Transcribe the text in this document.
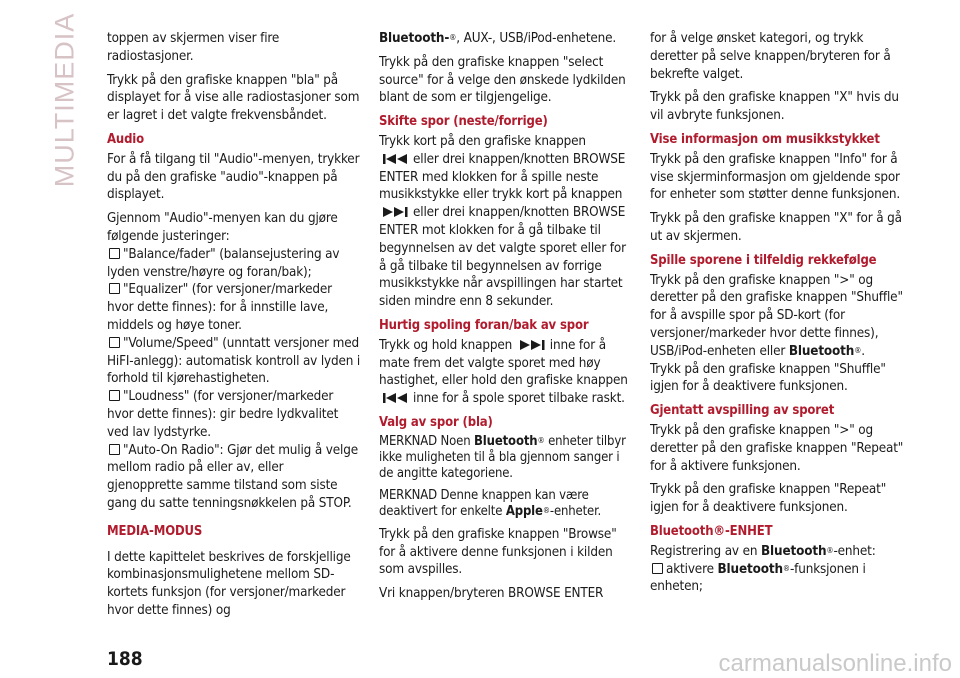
MULTIMEDIA toppen av skjermen viser fire radiostasjoner.

Trykk på den grafiske knappen "bla" på displayet for å vise alle radiostasjoner som er lagret i det valgte frekvensbåndet.

Audio

For å få tilgang til "Audio"-menyen, trykker du på den grafiske "audio"-knappen på displayet.

Gjennom "Audio"-menyen kan du gjøre følgende justeringer:

"Balance/fader" (balansejustering av lyden venstre/høyre og foran/bak);
"Equalizer" (for versjoner/markeder hvor dette finnes): for å innstille lave, middels og høye toner.
"Volume/Speed" (unntatt versjoner med HiFI-anlegg): automatisk kontroll av lyden i forhold til kjørehastigheten.
"Loudness" (for versjoner/markeder hvor dette finnes): gir bedre lydkvalitet ved lav lydstyrke.
"Auto-On Radio": Gjør det mulig å velge mellom radio på eller av, eller gjenopprette samme tilstand som siste gang du satte tenningsnøkkelen på STOP.
MEDIA-MODUS

I dette kapittelet beskrives de forskjellige kombinasjonsmulighetene mellom SD-kortets funksjon (for versjoner/markeder hvor dette finnes) og

Bluetooth-®, AUX-, USB/iPod-enhetene.

Trykk på den grafiske knappen "select source" for å velge den ønskede lydkilden blant de som er tilgjengelige.

Skifte spor (neste/forrige)

Trykk kort på den grafiske knappen
eller drei knappen/knotten BROWSE ENTER med klokken for å spille neste musikkstykke eller trykk kort på knappen eller drei knappen/knotten BROWSE ENTER mot klokken for å gå tilbake til begynnelsen av det valgte sporet eller for å gå tilbake til begynnelsen av forrige musikkstykke når avspillingen har startet siden mindre enn 8 sekunder.

Hurtig spoling foran/bak av spor

Trykk og hold knappen	inne for å mate frem det valgte sporet med høy hastighet, eller hold den grafiske knappen inne for å spole sporet tilbake raskt.

Valg av spor (bla)

MERKNAD Noen Bluetooth® enheter tilbyr ikke muligheten til å bla gjennom sanger i de angitte kategoriene.

MERKNAD Denne knappen kan være deaktivert for enkelte Apple®-enheter.

Trykk på den grafiske knappen "Browse" for å aktivere denne funksjonen i kilden som avspilles.

Vri knappen/bryteren BROWSE ENTER

for å velge ønsket kategori, og trykk deretter på selve knappen/bryteren for å bekrefte valget.

Trykk på den grafiske knappen "X" hvis du vil avbryte funksjonen.

Vise informasjon om musikkstykket

Trykk på den grafiske knappen "Info" for å vise skjerminformasjon om gjeldende spor for enheter som støtter denne funksjonen.

Trykk på den grafiske knappen "X" for å gå ut av skjermen.

Spille sporene i tilfeldig rekkefølge

Trykk på den grafiske knappen ">" og deretter på den grafiske knappen "Shuffle" for å avspille spor på SD-kort (for versjoner/markeder hvor dette finnes), USB/iPod-enheten eller Bluetooth®.

Trykk på den grafiske knappen "Shuffle" igjen for å deaktivere funksjonen.

Gjentatt avspilling av sporet

Trykk på den grafiske knappen ">" og deretter på den grafiske knappen "Repeat" for å aktivere funksjonen.

Trykk på den grafiske knappen "Repeat" igjen for å deaktivere funksjonen.

Bluetooth®-ENHET

Registrering av en Bluetooth®-enhet:

aktivere Bluetooth®-funksjonen i enheten;
188	carmanualsonline.info
